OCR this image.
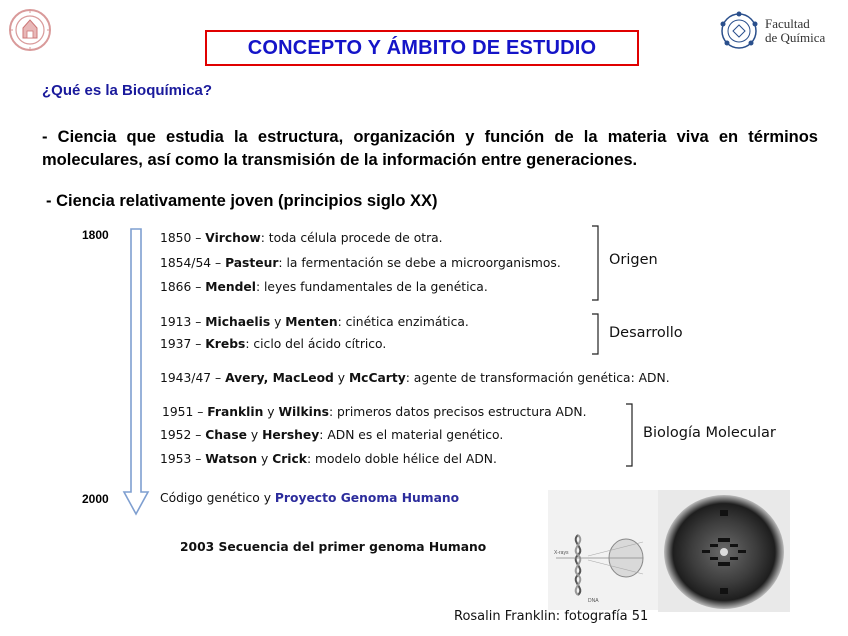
Facultad
de Química
CONCEPTO Y ÁMBITO DE ESTUDIO
¿Qué es la Bioquímica?
- Ciencia que estudia la estructura, organización y función de la materia viva en términos moleculares, así como la transmisión de la información entre generaciones.
- Ciencia relativamente joven (principios siglo XX)
1800
2000
1850 – Virchow: toda célula procede de otra.
1854/54 – Pasteur: la fermentación se debe a microorganismos.
1866 – Mendel: leyes fundamentales de la genética.
1913 – Michaelis y Menten: cinética enzimática.
1937 – Krebs: ciclo del ácido cítrico.
1943/47 – Avery, MacLeod y McCarty: agente de transformación genética: ADN.
1951 – Franklin y Wilkins: primeros datos precisos estructura ADN.
1952 – Chase y Hershey: ADN es el material genético.
1953 – Watson y Crick: modelo doble hélice del ADN.
Código genético y Proyecto Genoma Humano
2003 Secuencia del primer genoma Humano
Origen
Desarrollo
Biología Molecular
X-rays
DNA
Rosalin Franklin: fotografía 51
